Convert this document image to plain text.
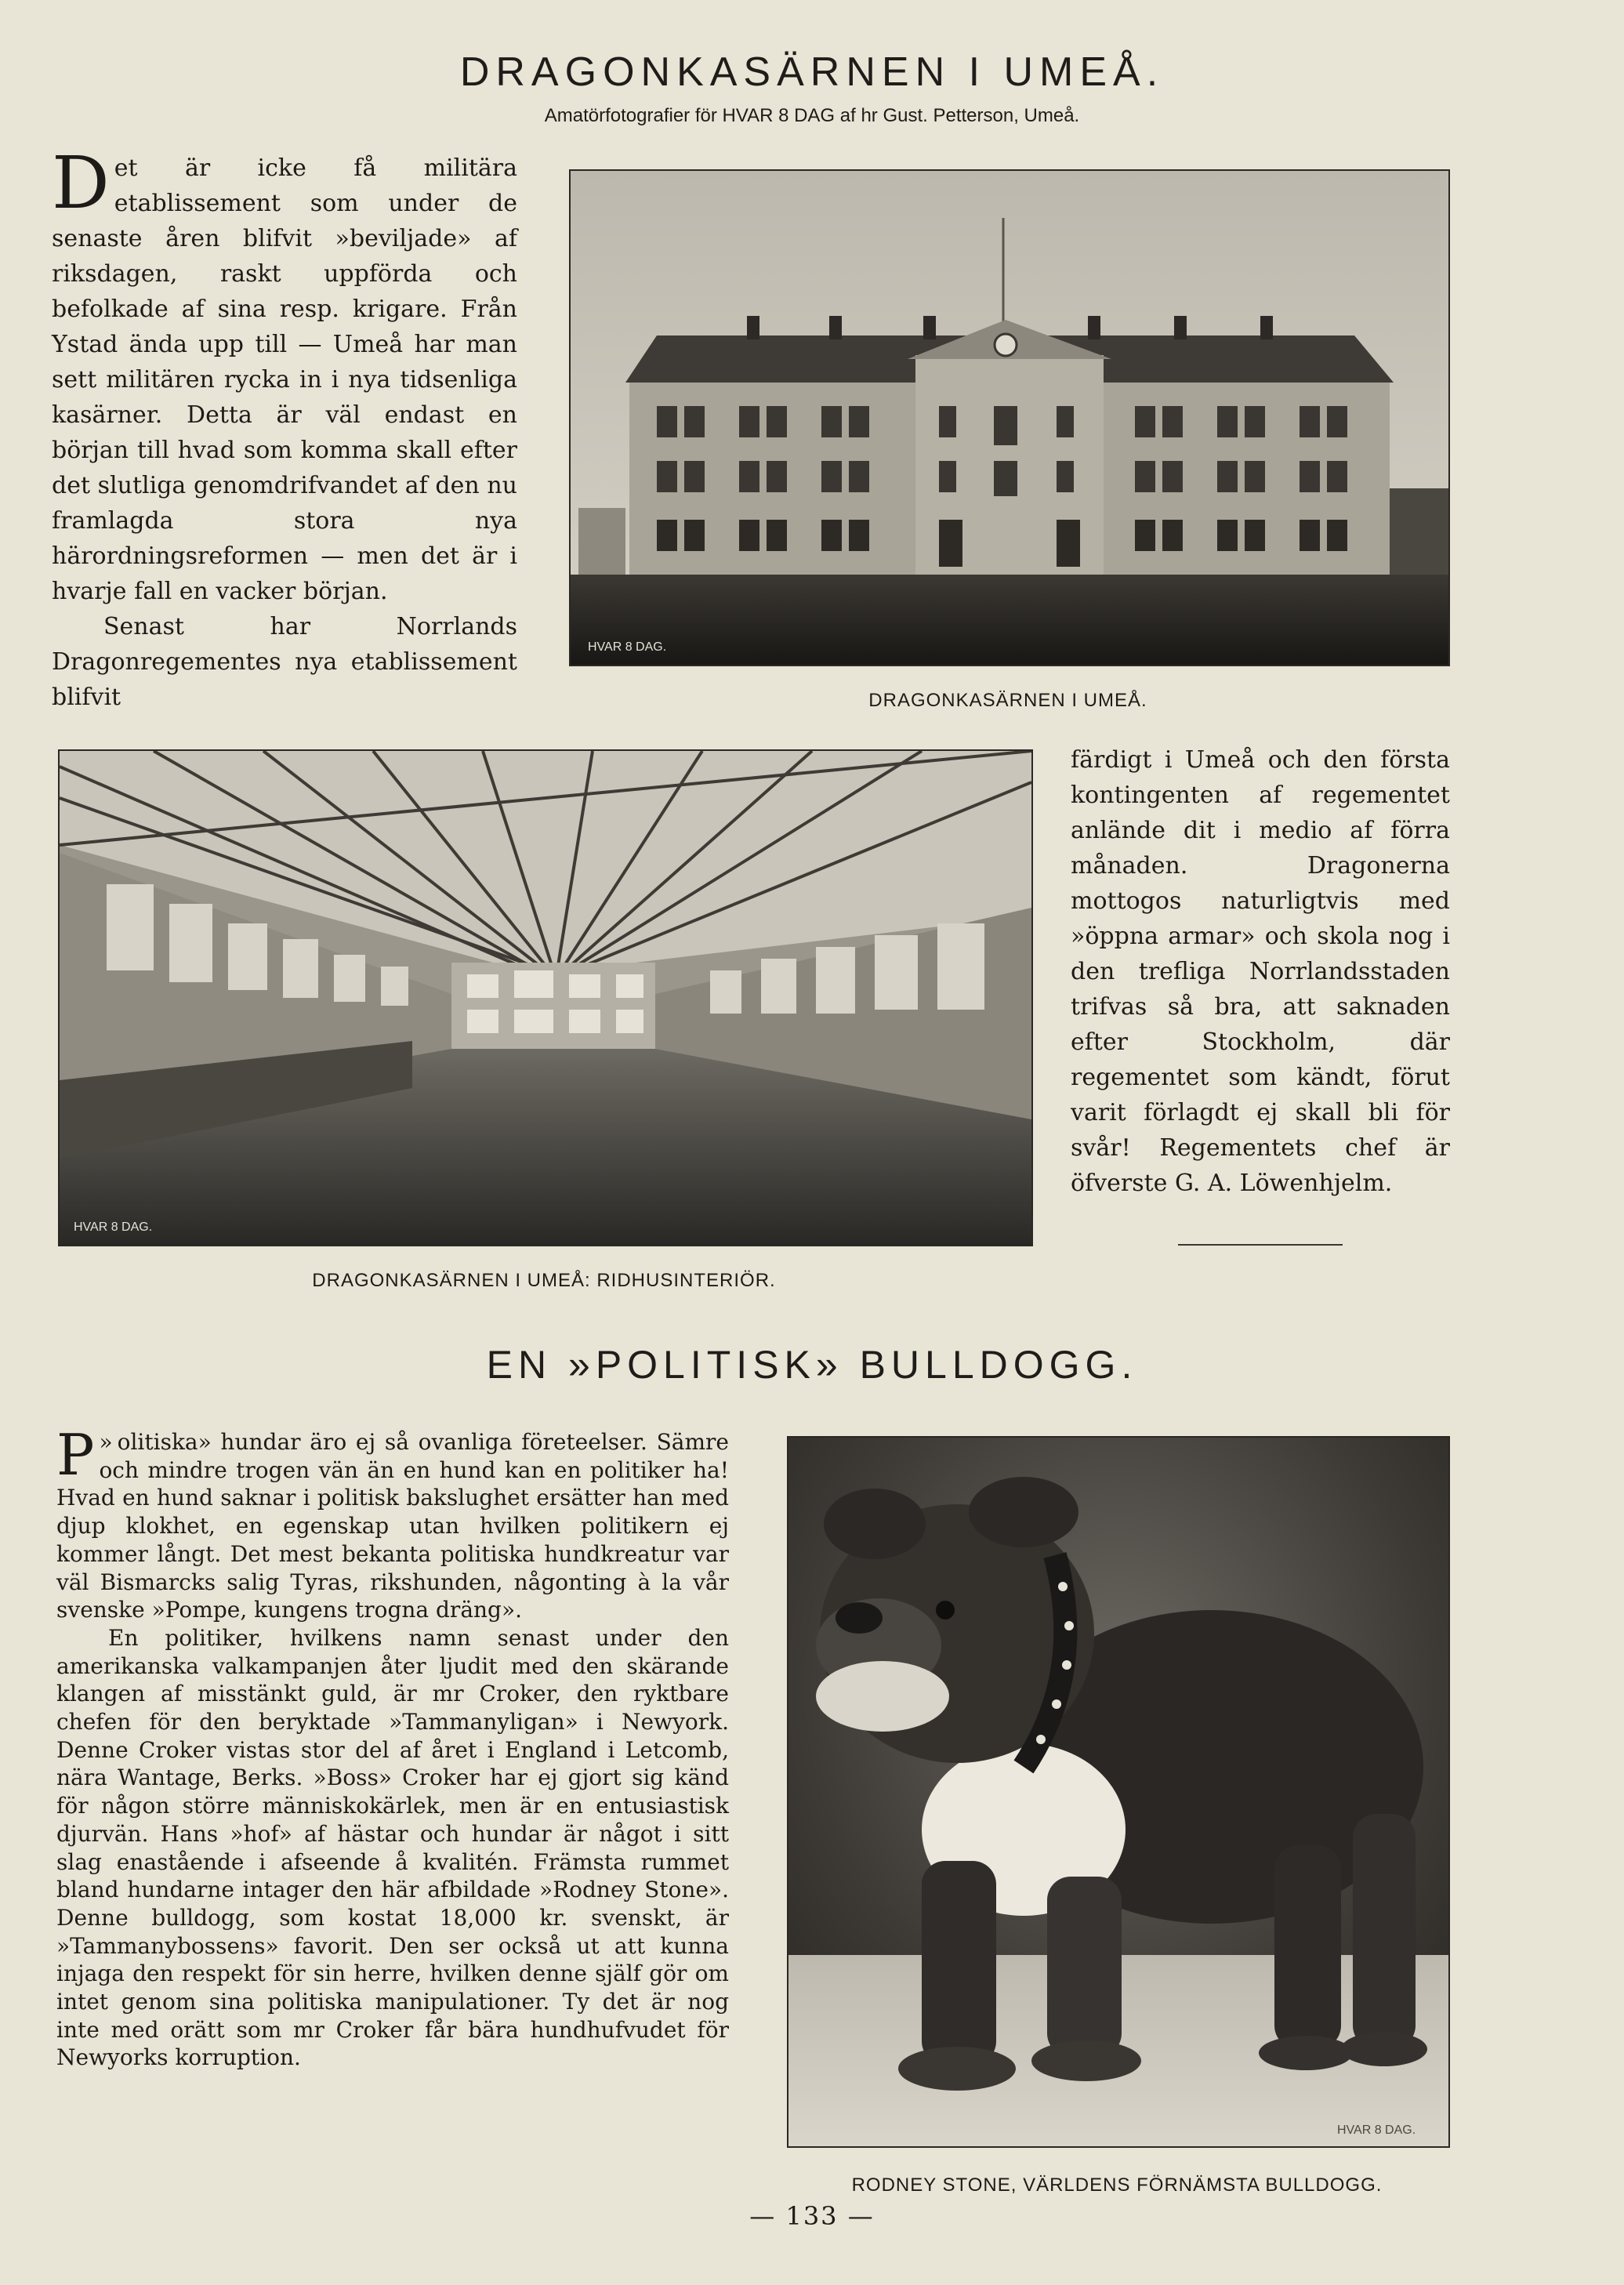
DRAGONKASÄRNEN I UMEÅ.
Amatörfotografier för HVAR 8 DAG af hr Gust. Petterson, Umeå.

Det är icke få militära etablissement som under de senaste åren blifvit »beviljade» af riksdagen, raskt uppförda och befolkade af sina resp. krigare. Från Ystad ända upp till — Umeå har man sett militären rycka in i nya tidsenliga kasärner. Detta är väl endast en början till hvad som komma skall efter det slutliga genomdrifvandet af den nu framlagda stora nya härordningsreformen — men det är i hvarje fall en vacker början.

Senast har Norrlands Dragonregementes nya etablissement blifvit

HVAR 8 DAG.
DRAGONKASÄRNEN I UMEÅ.
HVAR 8 DAG.

färdigt i Umeå och den första kontingenten af regementet anlände dit i medio af förra månaden. Dragonerna mottogos naturligtvis med »öppna armar» och skola nog i den trefliga Norrlandsstaden trifvas så bra, att saknaden efter Stockholm, där regementet som kändt, förut varit förlagdt ej skall bli för svår! Regementets chef är öfverste G. A. Löwenhjelm.

DRAGONKASÄRNEN I UMEÅ: RIDHUSINTERIÖR.
EN »POLITISK» BULLDOGG.

»
P olitiska» hundar äro ej så ovanliga företeelser. Sämre och mindre trogen vän än en hund kan en politiker ha! Hvad en hund saknar i politisk bakslughet ersätter han med djup klokhet, en egenskap utan hvilken politikern ej kommer långt. Det mest bekanta politiska hundkreatur var väl Bismarcks salig Tyras, rikshunden, någonting à la vår svenske »Pompe, kungens trogna dräng».

En politiker, hvilkens namn senast under den amerikanska valkampanjen åter ljudit med den skärande klangen af misstänkt guld, är mr Croker, den ryktbare chefen för den beryktade »Tammanyligan» i Newyork. Denne Croker vistas stor del af året i England i Letcomb, nära Wantage, Berks. »Boss» Croker har ej gjort sig känd för någon större människokärlek, men är en entusiastisk djurvän. Hans »hof» af hästar och hundar är något i sitt slag enastående i afseende å kvalitén. Främsta rummet bland hundarne intager den här afbildade »Rodney Stone». Denne bulldogg, som kostat 18,000 kr. svenskt, är »Tammanybossens» favorit. Den ser också ut att kunna injaga den respekt för sin herre, hvilken denne själf gör om intet genom sina politiska manipulationer. Ty det är nog inte med orätt som mr Croker får bära hundhufvudet för Newyorks korruption.

HVAR 8 DAG.
RODNEY STONE, VÄRLDENS FÖRNÄMSTA BULLDOGG.
— 133 —
